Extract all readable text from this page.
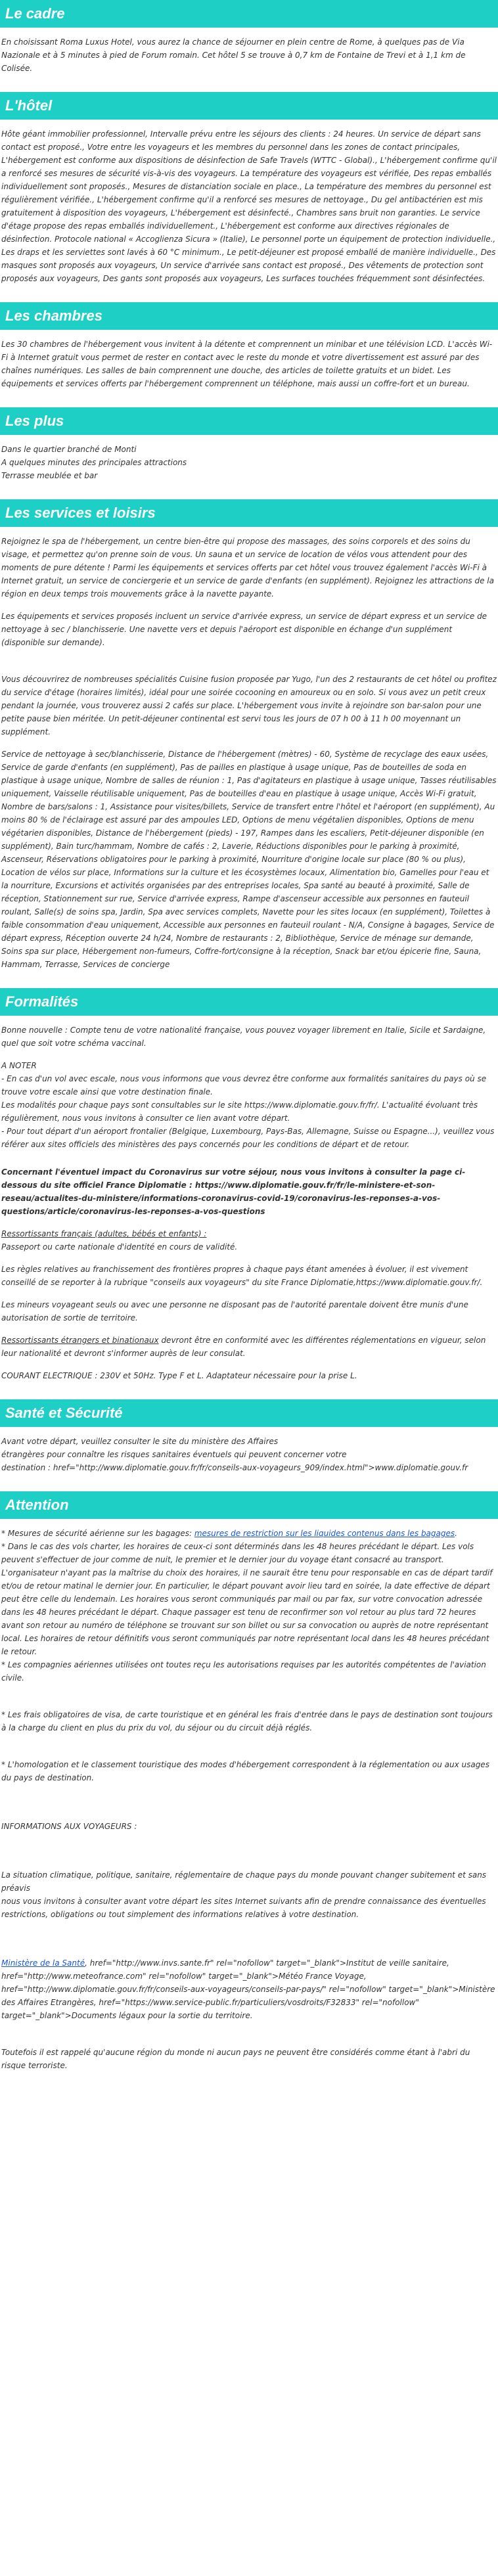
Le cadre

En choisissant Roma Luxus Hotel, vous aurez la chance de séjourner en plein centre de Rome, à quelques pas de Via Nazionale et à 5 minutes à pied de Forum romain. Cet hôtel 5 se trouve à 0,7 km de Fontaine de Trevi et à 1,1 km de Colisée.

L'hôtel

Hôte géant immobilier professionnel, Intervalle prévu entre les séjours des clients : 24 heures. Un service de départ sans contact est proposé., Votre entre les voyageurs et les membres du personnel dans les zones de contact principales, L'hébergement est conforme aux dispositions de désinfection de Safe Travels (WTTC - Global)., L'hébergement confirme qu'il a renforcé ses mesures de sécurité vis-à-vis des voyageurs. La température des voyageurs est vérifiée, Des repas emballés individuellement sont proposés., Mesures de distanciation sociale en place., La température des membres du personnel est régulièrement vérifiée., L'hébergement confirme qu'il a renforcé ses mesures de nettoyage., Du gel antibactérien est mis gratuitement à disposition des voyageurs, L'hébergement est désinfecté., Chambres sans bruit non garanties. Le service d'étage propose des repas emballés individuellement., L'hébergement est conforme aux directives régionales de désinfection. Protocole national « Accoglienza Sicura » (Italie), Le personnel porte un équipement de protection individuelle., Les draps et les serviettes sont lavés à 60 °C minimum., Le petit-déjeuner est proposé emballé de manière individuelle., Des masques sont proposés aux voyageurs, Un service d'arrivée sans contact est proposé., Des vêtements de protection sont proposés aux voyageurs, Des gants sont proposés aux voyageurs, Les surfaces touchées fréquemment sont désinfectées.

Les chambres

Les 30 chambres de l'hébergement vous invitent à la détente et comprennent un minibar et une télévision LCD. L'accès Wi-Fi à Internet gratuit vous permet de rester en contact avec le reste du monde et votre divertissement est assuré par des chaînes numériques. Les salles de bain comprennent une douche, des articles de toilette gratuits et un bidet. Les équipements et services offerts par l'hébergement comprennent un téléphone, mais aussi un coffre-fort et un bureau.

Les plus
Dans le quartier branché de Monti
A quelques minutes des principales attractions
Terrasse meublée et bar
Les services et loisirs

Rejoignez le spa de l'hébergement, un centre bien-être qui propose des massages, des soins corporels et des soins du visage, et permettez qu'on prenne soin de vous. Un sauna et un service de location de vélos vous attendent pour des moments de pure détente ! Parmi les équipements et services offerts par cet hôtel vous trouvez également l'accès Wi-Fi à Internet gratuit, un service de conciergerie et un service de garde d'enfants (en supplément). Rejoignez les attractions de la région en deux temps trois mouvements grâce à la navette payante.

Les équipements et services proposés incluent un service d'arrivée express, un service de départ express et un service de nettoyage à sec / blanchisserie. Une navette vers et depuis l'aéroport est disponible en échange d'un supplément (disponible sur demande).

Vous découvrirez de nombreuses spécialités Cuisine fusion proposée par Yugo, l'un des 2 restaurants de cet hôtel ou profitez du service d'étage (horaires limités), idéal pour une soirée cocooning en amoureux ou en solo. Si vous avez un petit creux pendant la journée, vous trouverez aussi 2 cafés sur place. L'hébergement vous invite à rejoindre son bar-salon pour une petite pause bien méritée. Un petit-déjeuner continental est servi tous les jours de 07 h 00 à 11 h 00 moyennant un supplément.

Service de nettoyage à sec/blanchisserie, Distance de l'hébergement (mètres) - 60, Système de recyclage des eaux usées, Service de garde d'enfants (en supplément), Pas de pailles en plastique à usage unique, Pas de bouteilles de soda en plastique à usage unique, Nombre de salles de réunion : 1, Pas d'agitateurs en plastique à usage unique, Tasses réutilisables uniquement, Vaisselle réutilisable uniquement, Pas de bouteilles d'eau en plastique à usage unique, Accès Wi-Fi gratuit, Nombre de bars/salons : 1, Assistance pour visites/billets, Service de transfert entre l'hôtel et l'aéroport (en supplément), Au moins 80 % de l'éclairage est assuré par des ampoules LED, Options de menu végétalien disponibles, Options de menu végétarien disponibles, Distance de l'hébergement (pieds) - 197, Rampes dans les escaliers, Petit-déjeuner disponible (en supplément), Bain turc/hammam, Nombre de cafés : 2, Laverie, Réductions disponibles pour le parking à proximité, Ascenseur, Réservations obligatoires pour le parking à proximité, Nourriture d'origine locale sur place (80 % ou plus), Location de vélos sur place, Informations sur la culture et les écosystèmes locaux, Alimentation bio, Gamelles pour l'eau et la nourriture, Excursions et activités organisées par des entreprises locales, Spa santé au beauté à proximité, Salle de réception, Stationnement sur rue, Service d'arrivée express, Rampe d'ascenseur accessible aux personnes en fauteuil roulant, Salle(s) de soins spa, Jardin, Spa avec services complets, Navette pour les sites locaux (en supplément), Toilettes à faible consommation d'eau uniquement, Accessible aux personnes en fauteuil roulant - N/A, Consigne à bagages, Service de départ express, Réception ouverte 24 h/24, Nombre de restaurants : 2, Bibliothèque, Service de ménage sur demande, Soins spa sur place, Hébergement non-fumeurs, Coffre-fort/consigne à la réception, Snack bar et/ou épicerie fine, Sauna, Hammam, Terrasse, Services de concierge

Formalités

Bonne nouvelle : Compte tenu de votre nationalité française, vous pouvez voyager librement en Italie, Sicile et Sardaigne, quel que soit votre schéma vaccinal.

A NOTER
- En cas d'un vol avec escale, nous vous informons que vous devrez être conforme aux formalités sanitaires du pays où se trouve votre escale ainsi que votre destination finale.
Les modalités pour chaque pays sont consultables sur le site https://www.diplomatie.gouv.fr/fr/. L'actualité évoluant très régulièrement, nous vous invitons à consulter ce lien avant votre départ.
- Pour tout départ d'un aéroport frontalier (Belgique, Luxembourg, Pays-Bas, Allemagne, Suisse ou Espagne...), veuillez vous référer aux sites officiels des ministères des pays concernés pour les conditions de départ et de retour.

Concernant l'éventuel impact du Coronavirus sur votre séjour, nous vous invitons à consulter la page ci-dessous du site officiel France Diplomatie : https://www.diplomatie.gouv.fr/fr/le-ministere-et-son-reseau/actualites-du-ministere/informations-coronavirus-covid-19/coronavirus-les-reponses-a-vos-questions/article/coronavirus-les-reponses-a-vos-questions

Ressortissants français (adultes, bébés et enfants) :
Passeport ou carte nationale d'identité en cours de validité.

Les règles relatives au franchissement des frontières propres à chaque pays étant amenées à évoluer, il est vivement conseillé de se reporter à la rubrique "conseils aux voyageurs" du site France Diplomatie,https://www.diplomatie.gouv.fr/.

Les mineurs voyageant seuls ou avec une personne ne disposant pas de l'autorité parentale doivent être munis d'une autorisation de sortie de territoire.

Ressortissants étrangers et binationaux devront être en conformité avec les différentes réglementations en vigueur, selon leur nationalité et devront s'informer auprès de leur consulat.

COURANT ELECTRIQUE : 230V et 50Hz. Type F et L. Adaptateur nécessaire pour la prise L.

Santé et Sécurité
Avant votre départ, veuillez consulter le site du ministère des Affaires
étrangères pour connaître les risques sanitaires éventuels qui peuvent concerner votre
destination : href="http://www.diplomatie.gouv.fr/fr/conseils-aux-voyageurs_909/index.html">www.diplomatie.gouv.fr
Attention

* Mesures de sécurité aérienne sur les bagages: mesures de restriction sur les liquides contenus dans les bagages.
* Dans le cas des vols charter, les horaires de ceux-ci sont déterminés dans les 48 heures précédant le départ. Les vols peuvent s'effectuer de jour comme de nuit, le premier et le dernier jour du voyage étant consacré au transport. L'organisateur n'ayant pas la maîtrise du choix des horaires, il ne saurait être tenu pour responsable en cas de départ tardif et/ou de retour matinal le dernier jour. En particulier, le départ pouvant avoir lieu tard en soirée, la date effective de départ peut être celle du lendemain. Les horaires vous seront communiqués par mail ou par fax, sur votre convocation adressée dans les 48 heures précédant le départ. Chaque passager est tenu de reconfirmer son vol retour au plus tard 72 heures avant son retour au numéro de téléphone se trouvant sur son billet ou sur sa convocation ou auprès de notre représentant local. Les horaires de retour définitifs vous seront communiqués par notre représentant local dans les 48 heures précédant le retour.

* Les compagnies aériennes utilisées ont toutes reçu les autorisations requises par les autorités compétentes de l'aviation civile.

* Les frais obligatoires de visa, de carte touristique et en général les frais d'entrée dans le pays de destination sont toujours à la charge du client en plus du prix du vol, du séjour ou du circuit déjà réglés.

* L'homologation et le classement touristique des modes d'hébergement correspondent à la réglementation ou aux usages du pays de destination.

INFORMATIONS AUX VOYAGEURS :

La situation climatique, politique, sanitaire, réglementaire de chaque pays du monde pouvant changer subitement et sans préavis
nous vous invitons à consulter avant votre départ les sites Internet suivants afin de prendre connaissance des éventuelles restrictions, obligations ou tout simplement des informations relatives à votre destination.

Ministère de la Santé, href="http://www.invs.sante.fr" rel="nofollow" target="_blank">Institut de veille sanitaire, href="http://www.meteofrance.com" rel="nofollow" target="_blank">Météo France Voyage, href="http://www.diplomatie.gouv.fr/fr/conseils-aux-voyageurs/conseils-par-pays/" rel="nofollow" target="_blank">Ministère des Affaires Etrangères, href="https://www.service-public.fr/particuliers/vosdroits/F32833" rel="nofollow" target="_blank">Documents légaux pour la sortie du territoire.

Toutefois il est rappelé qu'aucune région du monde ni aucun pays ne peuvent être considérés comme étant à l'abri du risque terroriste.
